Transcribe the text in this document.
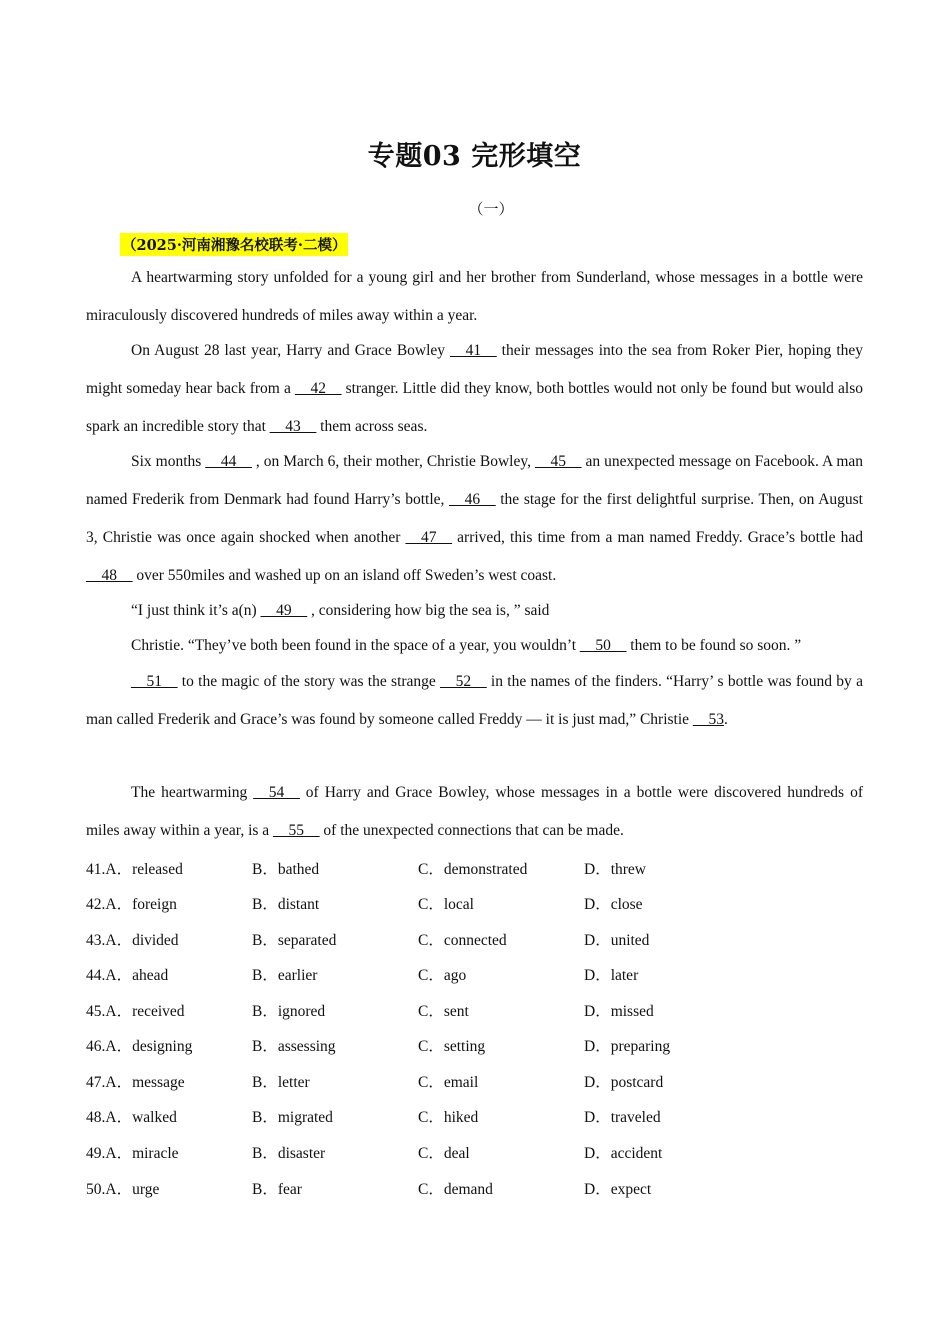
专题03 完形填空
（一）
（2025·河南湘豫名校联考·二模）
A heartwarming story unfolded for a young girl and her brother from Sunderland, whose messages in a bottle were miraculously discovered hundreds of miles away within a year.
On August 28 last year, Harry and Grace Bowley __41__ their messages into the sea from Roker Pier, hoping they might someday hear back from a __42__ stranger. Little did they know, both bottles would not only be found but would also spark an incredible story that __43__ them across seas.
Six months __44__ , on March 6, their mother, Christie Bowley, __45__ an unexpected message on Facebook. A man named Frederik from Denmark had found Harry’s bottle, __46__ the stage for the first delightful surprise. Then, on August 3, Christie was once again shocked when another __47__ arrived, this time from a man named Freddy. Grace’s bottle had __48__ over 550miles and washed up on an island off Sweden’s west coast.
“I just think it’s a(n) __49__ , considering how big the sea is, ” said
Christie. “They’ve both been found in the space of a year, you wouldn’t __50__ them to be found so soon. ”
__51__ to the magic of the story was the strange __52__ in the names of the finders. “Harry’ s bottle was found by a man called Frederik and Grace’s was found by someone called Freddy — it is just mad,” Christie __53.
The heartwarming __54__ of Harry and Grace Bowley, whose messages in a bottle were discovered hundreds of miles away within a year, is a __55__ of the unexpected connections that can be made.
41.A．released	B．bathed	C．demonstrated	D．threw
42.A．foreign	B．distant	C．local	D．close
43.A．divided	B．separated	C．connected	D．united
44.A．ahead	B．earlier	C．ago	D．later
45.A．received	B．ignored	C．sent	D．missed
46.A．designing	B．assessing	C．setting	D．preparing
47.A．message	B．letter	C．email	D．postcard
48.A．walked	B．migrated	C．hiked	D．traveled
49.A．miracle	B．disaster	C．deal	D．accident
50.A．urge	B．fear	C．demand	D．expect
